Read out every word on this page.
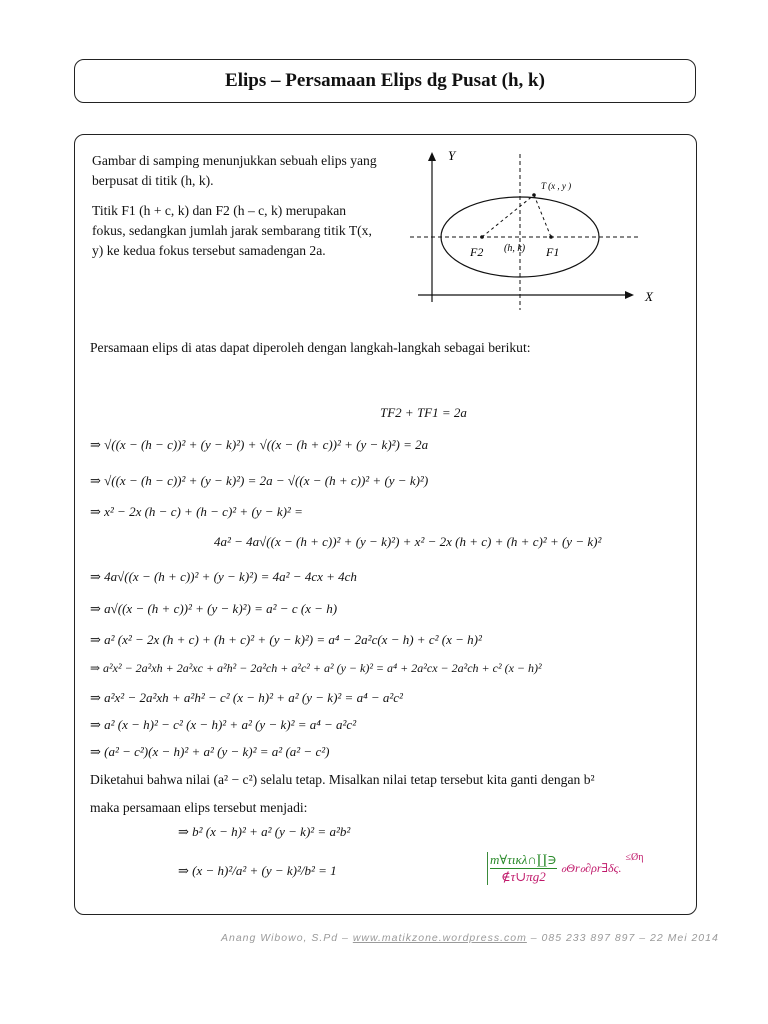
Elips – Persamaan Elips dg Pusat (h, k)

Gambar di samping menunjukkan sebuah elips yang berpusat di titik (h, k).

Titik F1 (h + c, k) dan F2 (h – c, k) merupakan fokus, sedangkan jumlah jarak sembarang titik T(x, y) ke kedua fokus tersebut samadengan 2a.

Y
X
T (x , y )
(h, k)
F2	F1
Persamaan elips di atas dapat diperoleh dengan langkah-langkah sebagai berikut:
TF2 + TF1 = 2a
⇒ √((x − (h − c))² + (y − k)²) + √((x − (h + c))² + (y − k)²) = 2a
⇒ √((x − (h − c))² + (y − k)²) = 2a − √((x − (h + c))² + (y − k)²)
⇒ x² − 2x (h − c) + (h − c)² + (y − k)² =
4a² − 4a√((x − (h + c))² + (y − k)²) + x² − 2x (h + c) + (h + c)² + (y − k)²
⇒ 4a√((x − (h + c))² + (y − k)²) = 4a² − 4cx + 4ch
⇒ a√((x − (h + c))² + (y − k)²) = a² − c (x − h)
⇒ a² (x² − 2x (h + c) + (h + c)² + (y − k)²) = a⁴ − 2a²c(x − h) + c² (x − h)²
⇒ a²x² − 2a²xh + 2a²xc + a²h² − 2a²ch + a²c² + a² (y − k)² = a⁴ + 2a²cx − 2a²ch + c² (x − h)²
⇒ a²x² − 2a²xh + a²h² − c² (x − h)² + a² (y − k)² = a⁴ − a²c²
⇒ a² (x − h)² − c² (x − h)² + a² (y − k)² = a⁴ − a²c²
⇒ (a² − c²)(x − h)² + a² (y − k)² = a² (a² − c²)
Diketahui bahwa nilai (a² − c²) selalu tetap. Misalkan nilai tetap tersebut kita ganti dengan b²
maka persamaan elips tersebut menjadi:
⇒ b² (x − h)² + a² (y − k)² = a²b²
⇒ (x − h)²/a² + (y − k)²/b² = 1
m∀τικλ∩∐∋
∉τ∪πg2
ℴΘrℴ∂ρr∃δς. $^{\le Ø\eta}$
Anang Wibowo, S.Pd – www.matikzone.wordpress.com – 085 233 897 897 – 22 Mei 2014
